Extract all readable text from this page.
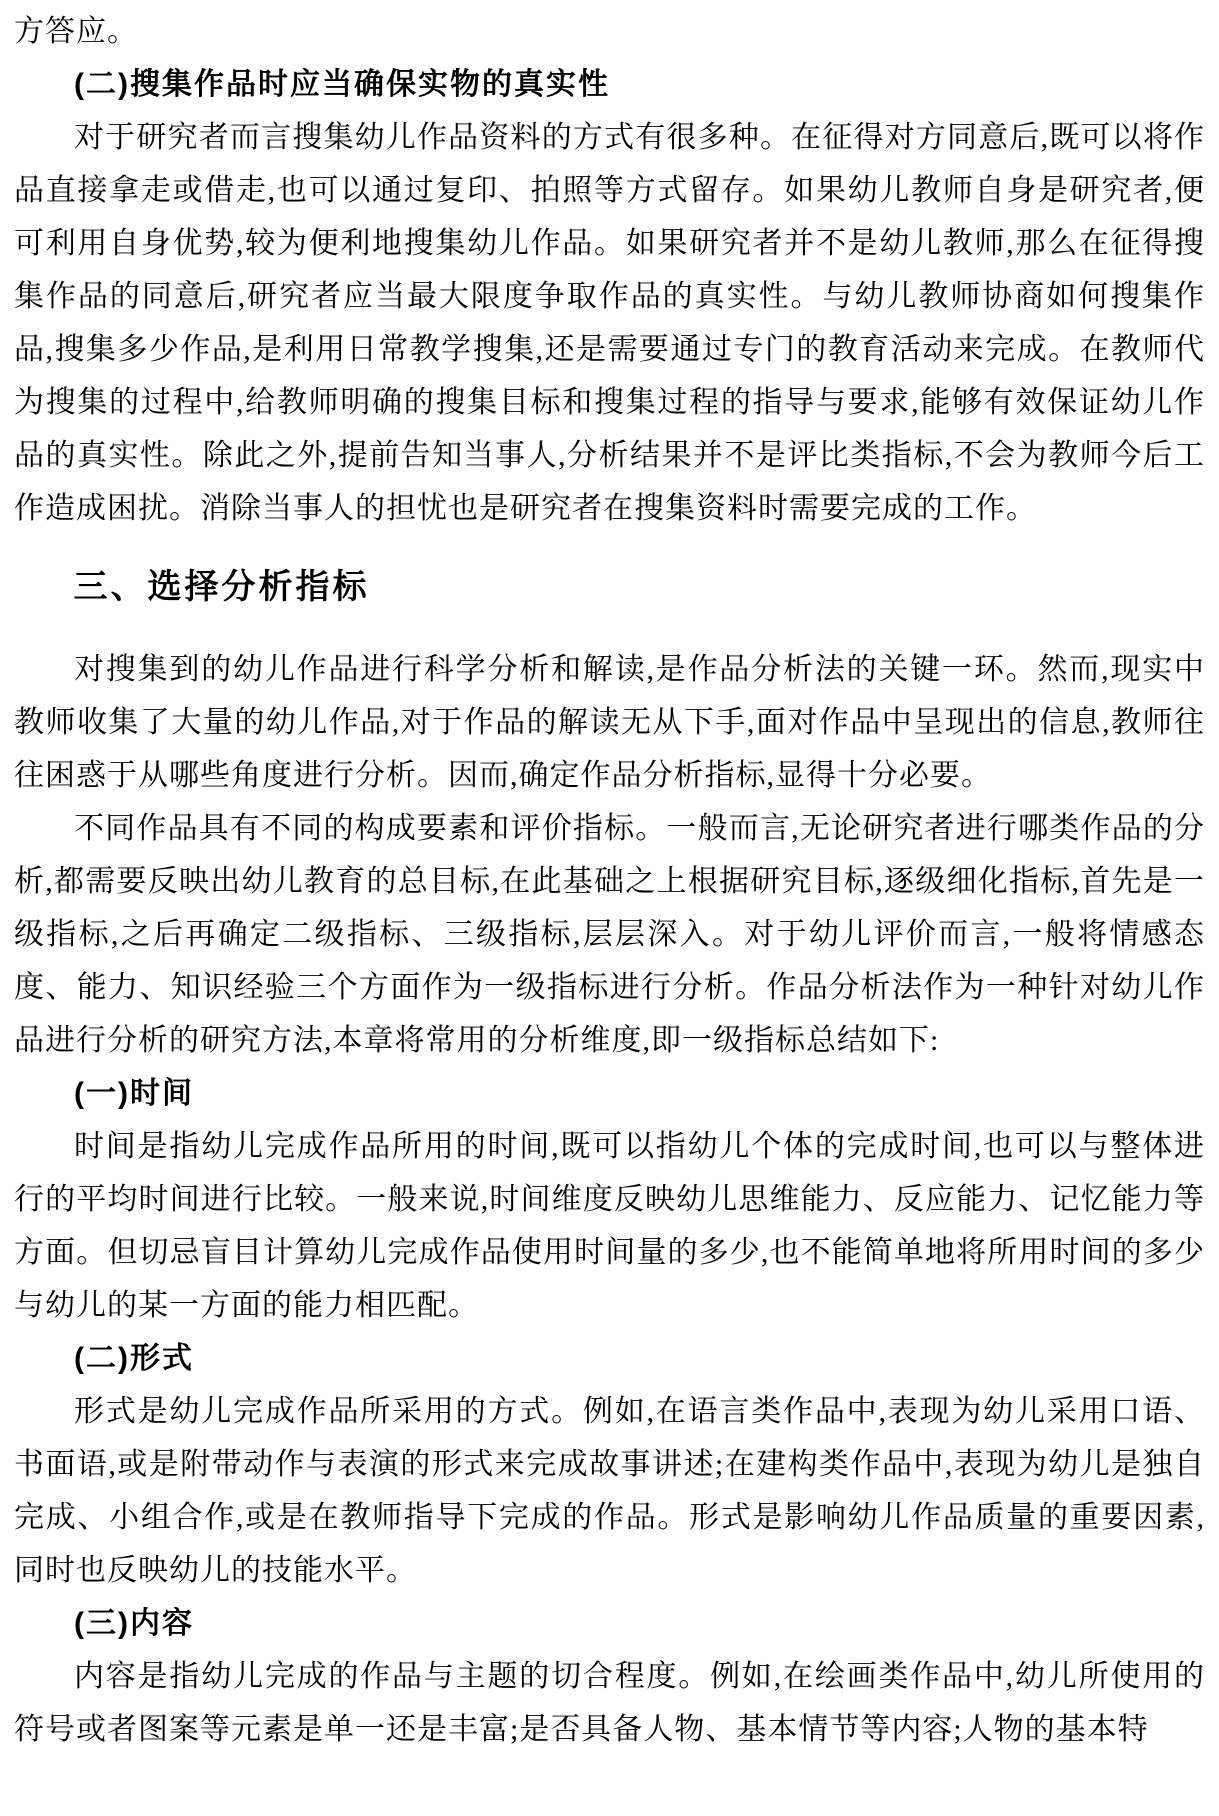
方答应。

(二)搜集作品时应当确保实物的真实性

对于研究者而言搜集幼儿作品资料的方式有很多种。在征得对方同意后,既可以将作品直接拿走或借走,也可以通过复印、拍照等方式留存。如果幼儿教师自身是研究者,便可利用自身优势,较为便利地搜集幼儿作品。如果研究者并不是幼儿教师,那么在征得搜集作品的同意后,研究者应当最大限度争取作品的真实性。与幼儿教师协商如何搜集作品,搜集多少作品,是利用日常教学搜集,还是需要通过专门的教育活动来完成。在教师代为搜集的过程中,给教师明确的搜集目标和搜集过程的指导与要求,能够有效保证幼儿作品的真实性。除此之外,提前告知当事人,分析结果并不是评比类指标,不会为教师今后工作造成困扰。消除当事人的担忧也是研究者在搜集资料时需要完成的工作。

三、选择分析指标

对搜集到的幼儿作品进行科学分析和解读,是作品分析法的关键一环。然而,现实中教师收集了大量的幼儿作品,对于作品的解读无从下手,面对作品中呈现出的信息,教师往往困惑于从哪些角度进行分析。因而,确定作品分析指标,显得十分必要。

不同作品具有不同的构成要素和评价指标。一般而言,无论研究者进行哪类作品的分析,都需要反映出幼儿教育的总目标,在此基础之上根据研究目标,逐级细化指标,首先是一级指标,之后再确定二级指标、三级指标,层层深入。对于幼儿评价而言,一般将情感态度、能力、知识经验三个方面作为一级指标进行分析。作品分析法作为一种针对幼儿作品进行分析的研究方法,本章将常用的分析维度,即一级指标总结如下:

(一)时间

时间是指幼儿完成作品所用的时间,既可以指幼儿个体的完成时间,也可以与整体进行的平均时间进行比较。一般来说,时间维度反映幼儿思维能力、反应能力、记忆能力等方面。但切忌盲目计算幼儿完成作品使用时间量的多少,也不能简单地将所用时间的多少与幼儿的某一方面的能力相匹配。

(二)形式

形式是幼儿完成作品所采用的方式。例如,在语言类作品中,表现为幼儿采用口语、书面语,或是附带动作与表演的形式来完成故事讲述;在建构类作品中,表现为幼儿是独自完成、小组合作,或是在教师指导下完成的作品。形式是影响幼儿作品质量的重要因素,同时也反映幼儿的技能水平。

(三)内容

内容是指幼儿完成的作品与主题的切合程度。例如,在绘画类作品中,幼儿所使用的符号或者图案等元素是单一还是丰富;是否具备人物、基本情节等内容;人物的基本特
